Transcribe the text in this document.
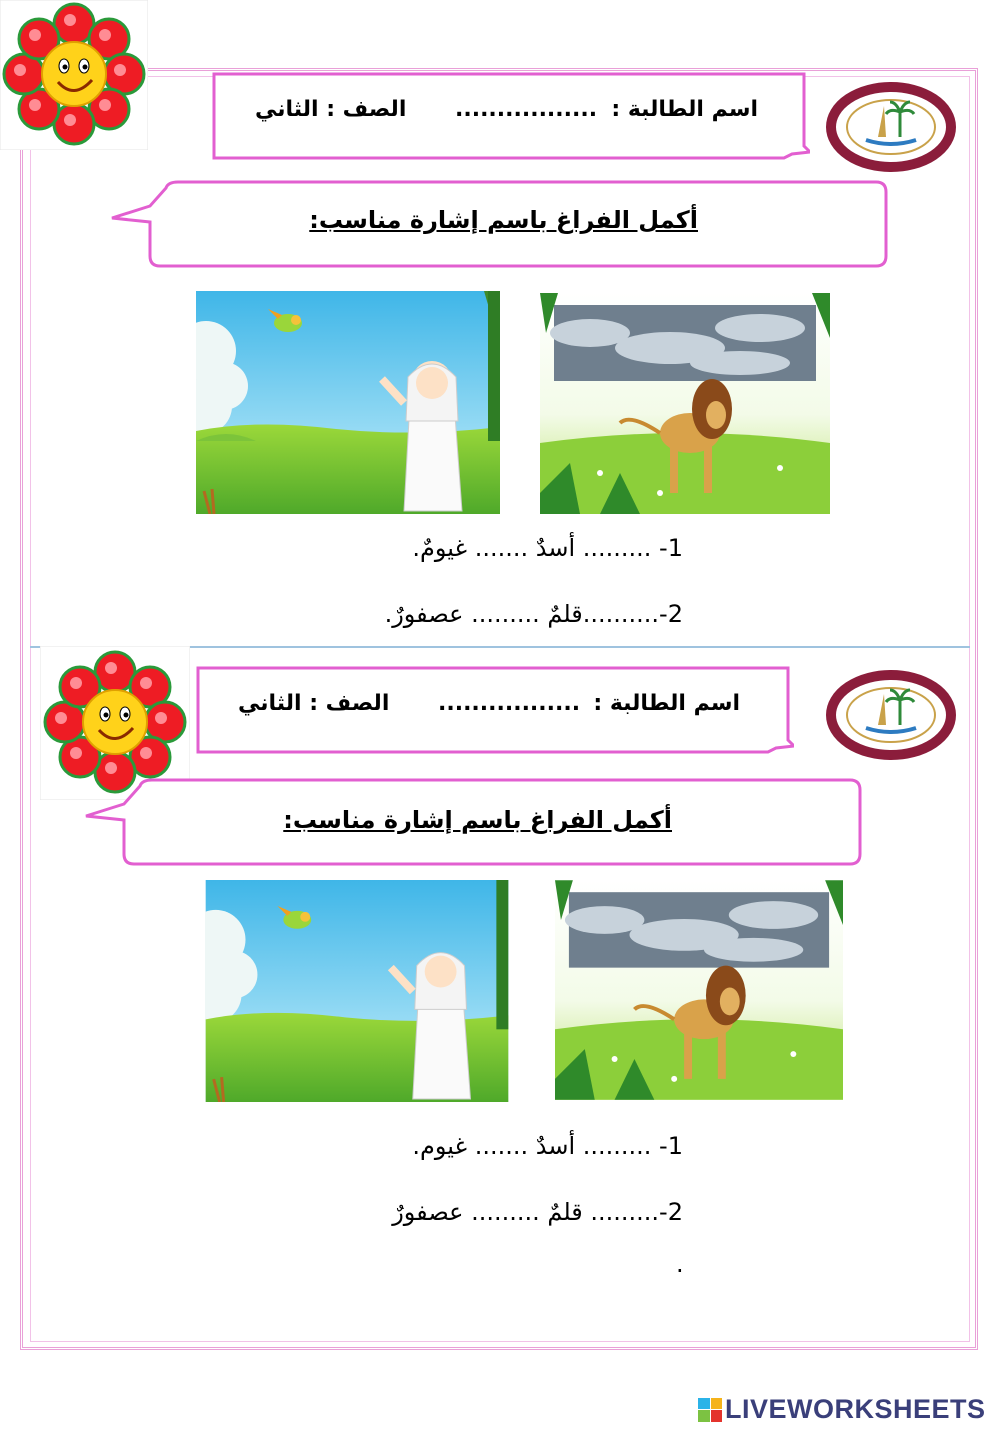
اسم الطالبة :
.................
الصف : الثاني
أكمل الفراغ باسم إشارة مناسب:
1- ......... أسدٌ ....... غيومٌ.
2-..........قلمٌ ......... عصفورٌ.
اسم الطالبة :
.................
الصف : الثاني
أكمل الفراغ باسم إشارة مناسب:
1- ......... أسدٌ ....... غيوم.
2-......... قلمٌ ......... عصفورٌ
.
LIVEWORKSHEETS
